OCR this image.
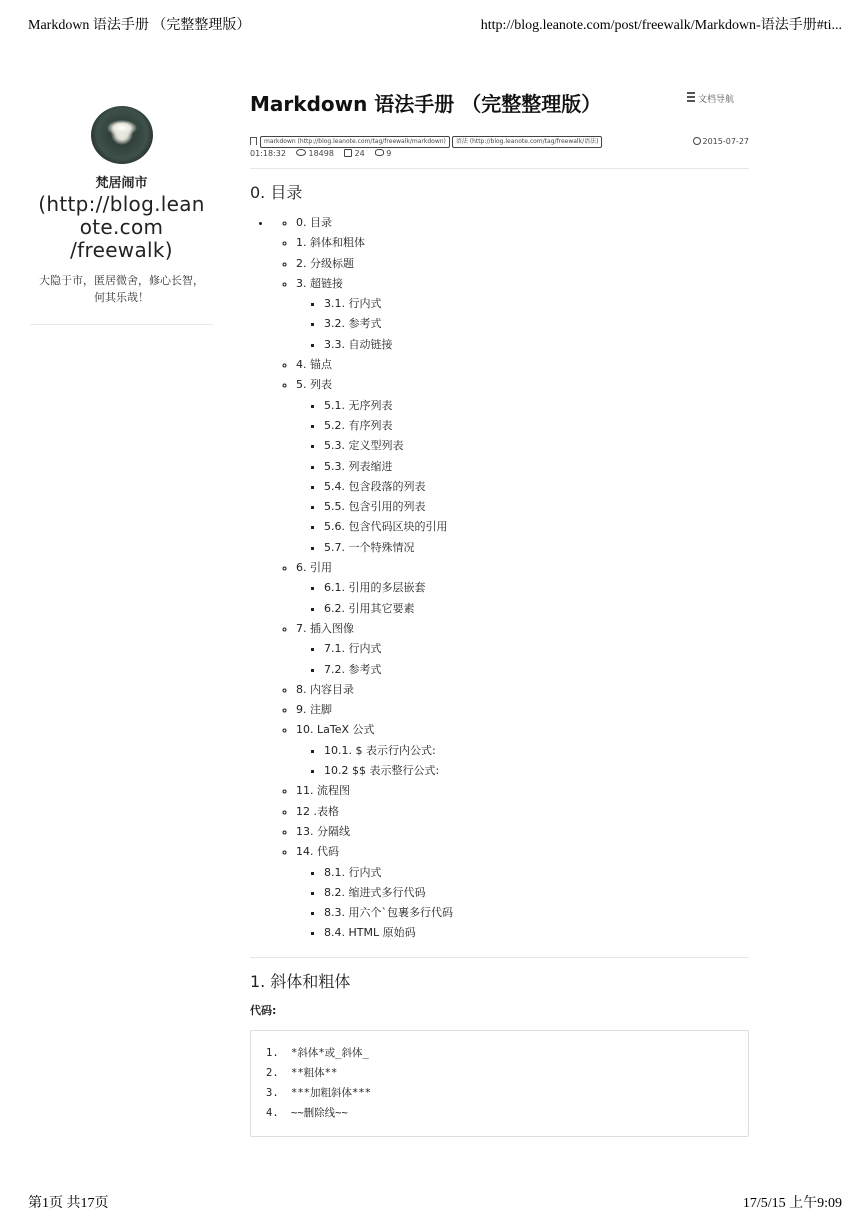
Markdown 语法手册 （完整整理版）	http://blog.leanote.com/post/freewalk/Markdown-语法手册#ti...
梵居闹市
(http://blog.lean
ote.com
/freewalk)
大隐于市，匿居微舍，修心长智，
何其乐哉！
文档导航
Markdown 语法手册 （完整整理版）
markdown (http://blog.leanote.com/tag/freewalk/markdown) 语法 (http://blog.leanote.com/tag/freewalk/语法)	2015-07-27
01:18:32	18498	24	9
0. 目录
◦ • 0. 目录
◦ 1. 斜体和粗体
◦ 2. 分级标题
◦ 3. 超链接
▪ 3.1. 行内式
▪ 3.2. 参考式
▪ 3.3. 自动链接
◦ 4. 锚点
◦ 5. 列表
▪ 5.1. 无序列表
▪ 5.2. 有序列表
▪ 5.3. 定义型列表
▪ 5.3. 列表缩进
▪ 5.4. 包含段落的列表
▪ 5.5. 包含引用的列表
▪ 5.6. 包含代码区块的引用
▪ 5.7. 一个特殊情况
◦ 6. 引用
▪ 6.1. 引用的多层嵌套
▪ 6.2. 引用其它要素
◦ 7. 插入图像
▪ 7.1. 行内式
▪ 7.2. 参考式
◦ 8. 内容目录
◦ 9. 注脚
◦ 10. LaTeX 公式
▪ 10.1. $ 表示行内公式:
▪ 10.2 $$ 表示整行公式:
◦ 11. 流程图
◦ 12 .表格
◦ 13. 分隔线
◦ 14. 代码
▪ 8.1. 行内式
▪ 8.2. 缩进式多行代码
▪ 8.3. 用六个`包裹多行代码
▪ 8.4. HTML 原始码
1. 斜体和粗体
代码:
1. *斜体*或_斜体_
2. **粗体**
3. ***加粗斜体***
4. ~~删除线~~
第1页 共17页	17/5/15 上午9:09
